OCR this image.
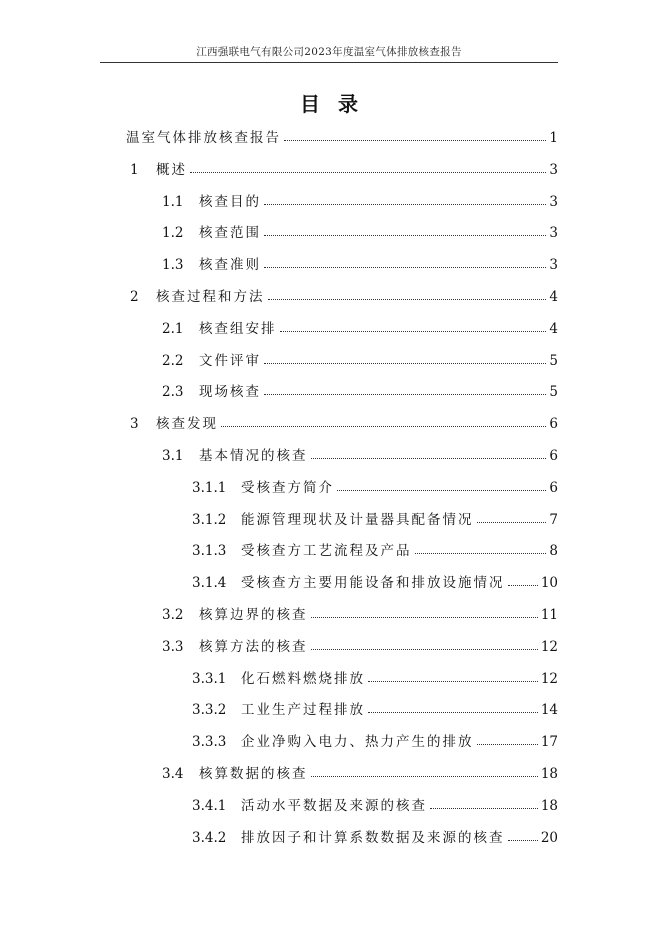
江西强联电气有限公司2023年度温室气体排放核查报告
目录
温室气体排放核查报告	1
1	概述	3
1.1	核查目的	3
1.2	核查范围	3
1.3	核查准则	3
2	核查过程和方法	4
2.1	核查组安排	4
2.2	文件评审	5
2.3	现场核查	5
3	核查发现	6
3.1	基本情况的核查	6
3.1.1	受核查方简介	6
3.1.2	能源管理现状及计量器具配备情况	7
3.1.3	受核查方工艺流程及产品	8
3.1.4	受核查方主要用能设备和排放设施情况	10
3.2	核算边界的核查	11
3.3	核算方法的核查	12
3.3.1	化石燃料燃烧排放	12
3.3.2	工业生产过程排放	14
3.3.3	企业净购入电力、热力产生的排放	17
3.4	核算数据的核查	18
3.4.1	活动水平数据及来源的核查	18
3.4.2	排放因子和计算系数数据及来源的核查	20
